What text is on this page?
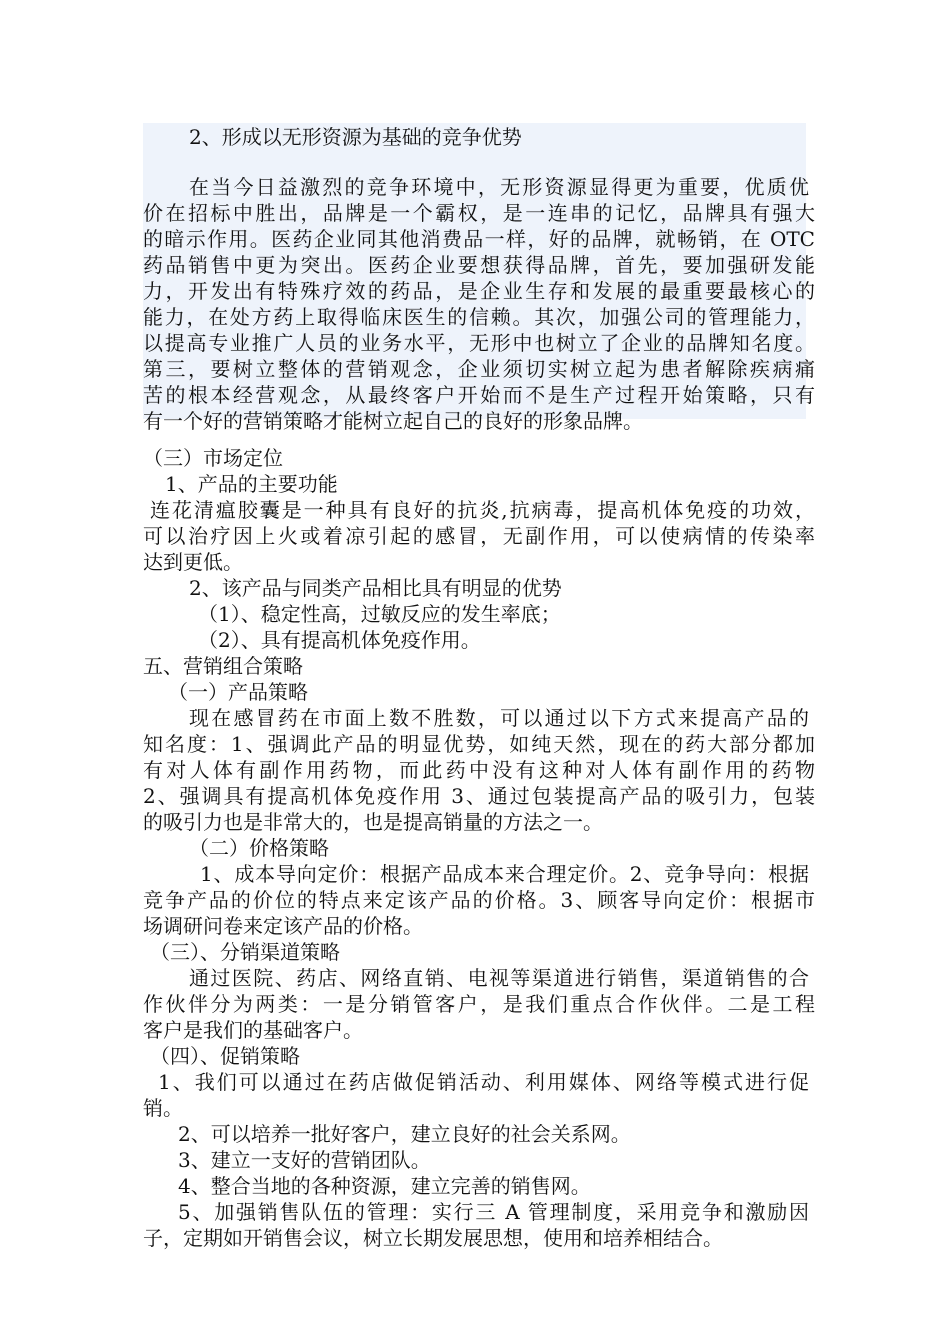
2、形成以无形资源为基础的竞争优势
在当今日益激烈的竞争环境中，无形资源显得更为重要，优质优
价在招标中胜出，品牌是一个霸权，是一连串的记忆，品牌具有强大
的暗示作用。医药企业同其他消费品一样，好的品牌，就畅销，在 OTC
药品销售中更为突出。医药企业要想获得品牌，首先，要加强研发能
力，开发出有特殊疗效的药品，是企业生存和发展的最重要最核心的
能力，在处方药上取得临床医生的信赖。其次，加强公司的管理能力，
以提高专业推广人员的业务水平，无形中也树立了企业的品牌知名度。
第三，要树立整体的营销观念，企业须切实树立起为患者解除疾病痛
苦的根本经营观念，从最终客户开始而不是生产过程开始策略，只有
有一个好的营销策略才能树立起自己的良好的形象品牌。
（三）市场定位
1、产品的主要功能
连花清瘟胶囊是一种具有良好的抗炎,抗病毒，提高机体免疫的功效，
可以治疗因上火或着凉引起的感冒，无副作用，可以使病情的传染率
达到更低。
2、该产品与同类产品相比具有明显的优势
（1）、稳定性高，过敏反应的发生率底；
（2）、具有提高机体免疫作用。
五、营销组合策略
（一）产品策略
现在感冒药在市面上数不胜数，可以通过以下方式来提高产品的
知名度：1、强调此产品的明显优势，如纯天然，现在的药大部分都加
有对人体有副作用药物，而此药中没有这种对人体有副作用的药物
2、强调具有提高机体免疫作用 3、通过包装提高产品的吸引力，包装
的吸引力也是非常大的，也是提高销量的方法之一。
（二）价格策略
1、成本导向定价：根据产品成本来合理定价。2、竞争导向：根据
竞争产品的价位的特点来定该产品的价格。3、顾客导向定价：根据市
场调研问卷来定该产品的价格。
（三）、分销渠道策略
通过医院、药店、网络直销、电视等渠道进行销售，渠道销售的合
作伙伴分为两类：一是分销管客户，是我们重点合作伙伴。二是工程
客户是我们的基础客户。
（四）、促销策略
1、我们可以通过在药店做促销活动、利用媒体、网络等模式进行促
销。
2、可以培养一批好客户，建立良好的社会关系网。
3、建立一支好的营销团队。
4、整合当地的各种资源，建立完善的销售网。
5、加强销售队伍的管理：实行三 A 管理制度，采用竞争和激励因
子，定期如开销售会议，树立长期发展思想，使用和培养相结合。
